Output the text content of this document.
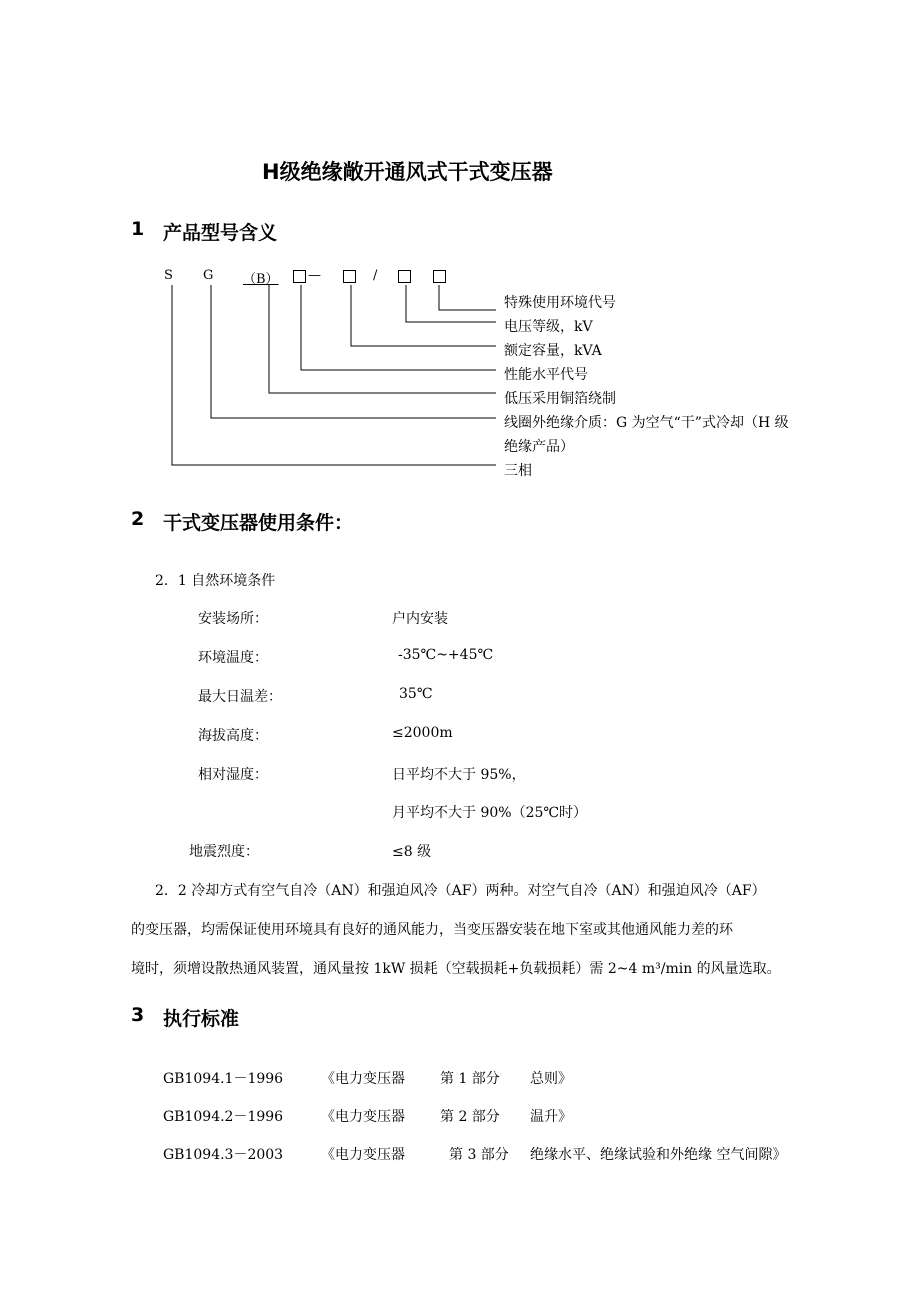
H级绝缘敞开通风式干式变压器
1 产品型号含义
S G （B） —	/
特殊使用环境代号
电压等级，kV
额定容量，kVA
性能水平代号
低压采用铜箔绕制
线圈外绝缘介质：G 为空气“干”式冷却（H 级
绝缘产品）
三相
2 干式变压器使用条件：
2．1 自然环境条件
安装场所：	户内安装
环境温度：	-35℃~+45℃
最大日温差：	35℃
海拔高度：	≤2000m
相对湿度：	日平均不大于 95%，
月平均不大于 90%（25℃时）
地震烈度：	≤8 级
2．2 冷却方式有空气自冷（AN）和强迫风冷（AF）两种。对空气自冷（AN）和强迫风冷（AF）
的变压器，均需保证使用环境具有良好的通风能力，当变压器安装在地下室或其他通风能力差的环
境时，须增设散热通风装置，通风量按 1kW 损耗（空载损耗+负载损耗）需 2~4 m³/min 的风量选取。
3 执行标准
GB1094.1－1996	《电力变压器	第 1 部分 总则》
GB1094.2－1996	《电力变压器	第 2 部分 温升》
GB1094.3－2003	《电力变压器	第 3 部分 绝缘水平、绝缘试验和外绝缘 空气间隙》
